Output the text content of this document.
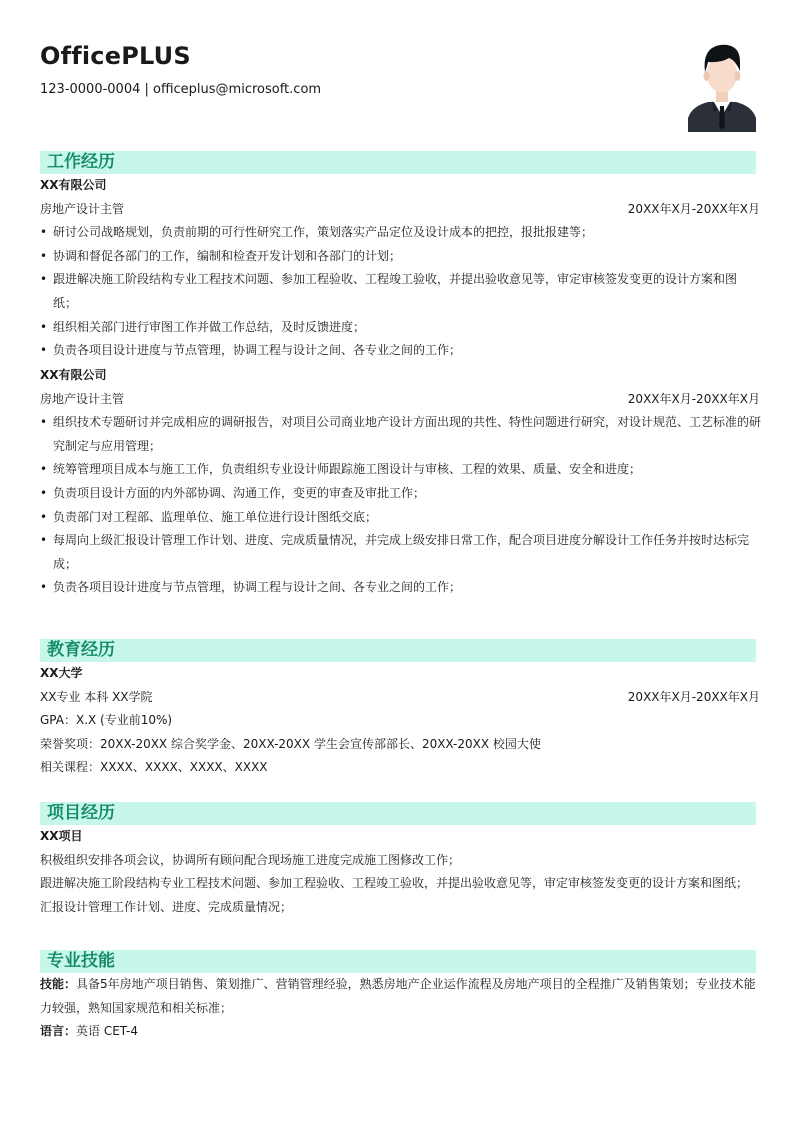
OfficePLUS
123-0000-0004 | officeplus@microsoft.com
工作经历
XX有限公司
房地产设计主管	20XX年X月-20XX年X月
• 研讨公司战略规划，负责前期的可行性研究工作，策划落实产品定位及设计成本的把控，报批报建等；
• 协调和督促各部门的工作，编制和检查开发计划和各部门的计划；
• 跟进解决施工阶段结构专业工程技术问题、参加工程验收、工程竣工验收，并提出验收意见等，审定审核签发变更的设计方案和图纸；
• 组织相关部门进行审图工作并做工作总结，及时反馈进度；
• 负责各项目设计进度与节点管理，协调工程与设计之间、各专业之间的工作；
XX有限公司
房地产设计主管	20XX年X月-20XX年X月
• 组织技术专题研讨并完成相应的调研报告，对项目公司商业地产设计方面出现的共性、特性问题进行研究，对设计规范、工艺标准的研究制定与应用管理；
• 统筹管理项目成本与施工工作，负责组织专业设计师跟踪施工图设计与审核、工程的效果、质量、安全和进度；
• 负责项目设计方面的内外部协调、沟通工作，变更的审查及审批工作；
• 负责部门对工程部、监理单位、施工单位进行设计图纸交底；
• 每周向上级汇报设计管理工作计划、进度、完成质量情况，并完成上级安排日常工作，配合项目进度分解设计工作任务并按时达标完成；
• 负责各项目设计进度与节点管理，协调工程与设计之间、各专业之间的工作；
教育经历
XX大学
XX专业 本科 XX学院	20XX年X月-20XX年X月
GPA：X.X (专业前10%)
荣誉奖项：20XX-20XX 综合奖学金、20XX-20XX 学生会宣传部部长、20XX-20XX 校园大使
相关课程：XXXX、XXXX、XXXX、XXXX
项目经历
XX项目
积极组织安排各项会议，协调所有顾问配合现场施工进度完成施工图修改工作；
跟进解决施工阶段结构专业工程技术问题、参加工程验收、工程竣工验收，并提出验收意见等，审定审核签发变更的设计方案和图纸；
汇报设计管理工作计划、进度、完成质量情况；
专业技能
技能：具备5年房地产项目销售、策划推广、营销管理经验，熟悉房地产企业运作流程及房地产项目的全程推广及销售策划；专业技术能力较强，熟知国家规范和相关标准；
语言：英语 CET-4
